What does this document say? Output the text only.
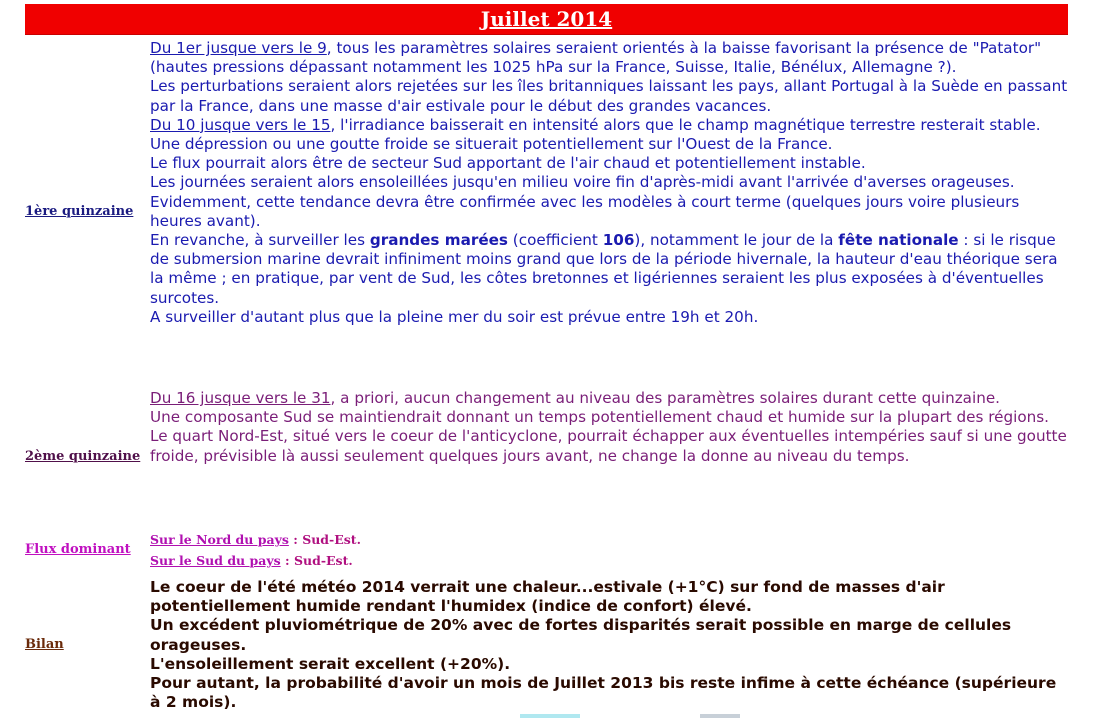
Juillet 2014
1ère quinzaine

Du 1er jusque vers le 9, tous les paramètres solaires seraient orientés à la baisse favorisant la présence de "Patator" (hautes pressions dépassant notamment les 1025 hPa sur la France, Suisse, Italie, Bénélux, Allemagne ?).

Les perturbations seraient alors rejetées sur les îles britanniques laissant les pays, allant Portugal à la Suède en passant par la France, dans une masse d'air estivale pour le début des grandes vacances.

Du 10 jusque vers le 15, l'irradiance baisserait en intensité alors que le champ magnétique terrestre resterait stable.

Une dépression ou une goutte froide se situerait potentiellement sur l'Ouest de la France.

Le flux pourrait alors être de secteur Sud apportant de l'air chaud et potentiellement instable.

Les journées seraient alors ensoleillées jusqu'en milieu voire fin d'après-midi avant l'arrivée d'averses orageuses.

Evidemment, cette tendance devra être confirmée avec les modèles à court terme (quelques jours voire plusieurs heures avant).

En revanche, à surveiller les grandes marées (coefficient 106), notamment le jour de la fête nationale : si le risque de submersion marine devrait infiniment moins grand que lors de la période hivernale, la hauteur d'eau théorique sera la même ; en pratique, par vent de Sud, les côtes bretonnes et ligériennes seraient les plus exposées à d'éventuelles surcotes.

A surveiller d'autant plus que la pleine mer du soir est prévue entre 19h et 20h.

2ème quinzaine

Du 16 jusque vers le 31, a priori, aucun changement au niveau des paramètres solaires durant cette quinzaine.

Une composante Sud se maintiendrait donnant un temps potentiellement chaud et humide sur la plupart des régions.

Le quart Nord-Est, situé vers le coeur de l'anticyclone, pourrait échapper aux éventuelles intempéries sauf si une goutte froide, prévisible là aussi seulement quelques jours avant, ne change la donne au niveau du temps.

Flux dominant

Sur le Nord du pays : Sud-Est.

Sur le Sud du pays : Sud-Est.

Bilan

Le coeur de l'été météo 2014 verrait une chaleur...estivale (+1°C) sur fond de masses d'air potentiellement humide rendant l'humidex (indice de confort) élevé.

Un excédent pluviométrique de 20% avec de fortes disparités serait possible en marge de cellules orageuses.

L'ensoleillement serait excellent (+20%).

Pour autant, la probabilité d'avoir un mois de Juillet 2013 bis reste infime à cette échéance (supérieure à 2 mois).
